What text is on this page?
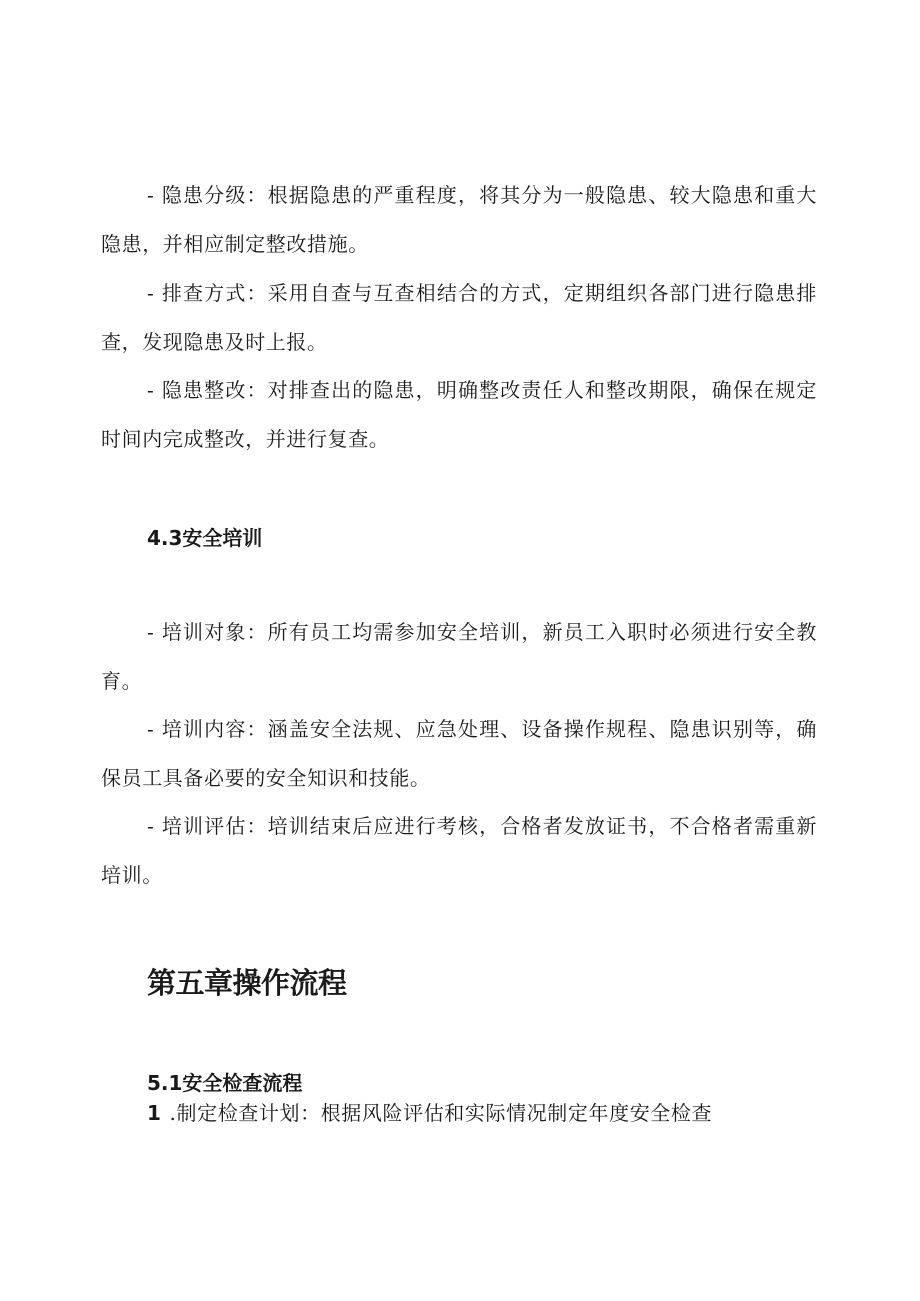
- 隐患分级：根据隐患的严重程度，将其分为一般隐患、较大隐患和重大隐患，并相应制定整改措施。

- 排查方式：采用自查与互查相结合的方式，定期组织各部门进行隐患排查，发现隐患及时上报。

- 隐患整改：对排查出的隐患，明确整改责任人和整改期限，确保在规定时间内完成整改，并进行复查。

4.3安全培训

- 培训对象：所有员工均需参加安全培训，新员工入职时必须进行安全教育。

- 培训内容：涵盖安全法规、应急处理、设备操作规程、隐患识别等，确保员工具备必要的安全知识和技能。

- 培训评估：培训结束后应进行考核，合格者发放证书，不合格者需重新培训。

第五章操作流程
5.1安全检查流程

1 .制定检查计划：根据风险评估和实际情况制定年度安全检查
